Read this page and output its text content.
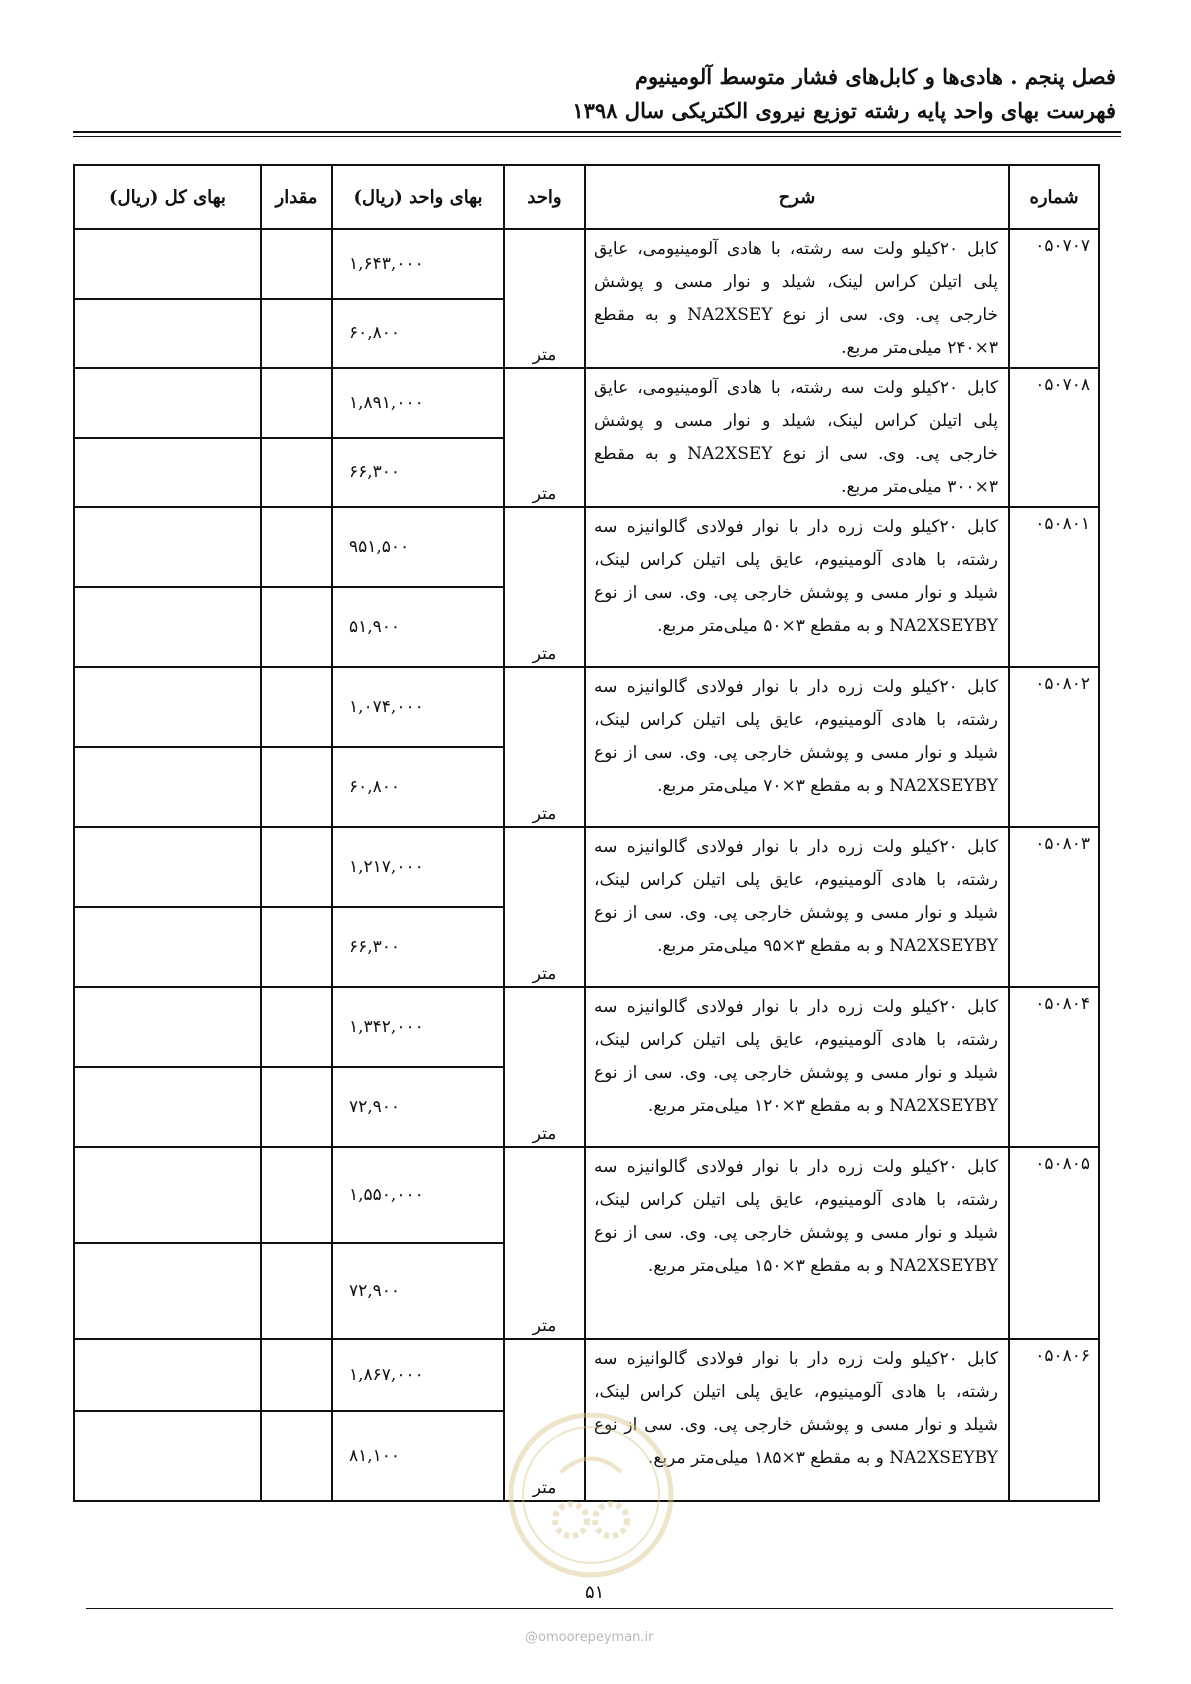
فصل پنجم . هادی‌ها و کابل‌های فشار متوسط آلومینیوم
فهرست بهای واحد پایه رشته توزیع نیروی الکتریکی سال ۱۳۹۸
شماره	شرح	واحد	بهای واحد (ریال)	مقدار	بهای کل (ریال)
۰۵۰۷۰۷	کابل ۲۰کیلو ولت سه رشته، با هادی آلومینیومی، عایق پلی اتیلن کراس لینک، شیلد و نوار مسی و پوشش خارجی پی. وی. سی از نوع NA2XSEY و به مقطع ۳×۲۴۰ میلی‌متر مربع.	متر	۱,۶۴۳,۰۰۰		
			۶۰,۸۰۰		
۰۵۰۷۰۸	کابل ۲۰کیلو ولت سه رشته، با هادی آلومینیومی، عایق پلی اتیلن کراس لینک، شیلد و نوار مسی و پوشش خارجی پی. وی. سی از نوع NA2XSEY و به مقطع ۳×۳۰۰ میلی‌متر مربع.	متر	۱,۸۹۱,۰۰۰		
			۶۶,۳۰۰		
۰۵۰۸۰۱	کابل ۲۰کیلو ولت زره دار با نوار فولادی گالوانیزه سه رشته، با هادی آلومینیوم، عایق پلی اتیلن کراس لینک، شیلد و نوار مسی و پوشش خارجی پی. وی. سی از نوع NA2XSEYBY و به مقطع ۳×۵۰ میلی‌متر مربع.	متر	۹۵۱,۵۰۰		
			۵۱,۹۰۰		
۰۵۰۸۰۲	کابل ۲۰کیلو ولت زره دار با نوار فولادی گالوانیزه سه رشته، با هادی آلومینیوم، عایق پلی اتیلن کراس لینک، شیلد و نوار مسی و پوشش خارجی پی. وی. سی از نوع NA2XSEYBY و به مقطع ۳×۷۰ میلی‌متر مربع.	متر	۱,۰۷۴,۰۰۰		
			۶۰,۸۰۰		
۰۵۰۸۰۳	کابل ۲۰کیلو ولت زره دار با نوار فولادی گالوانیزه سه رشته، با هادی آلومینیوم، عایق پلی اتیلن کراس لینک، شیلد و نوار مسی و پوشش خارجی پی. وی. سی از نوع NA2XSEYBY و به مقطع ۳×۹۵ میلی‌متر مربع.	متر	۱,۲۱۷,۰۰۰		
			۶۶,۳۰۰		
۰۵۰۸۰۴	کابل ۲۰کیلو ولت زره دار با نوار فولادی گالوانیزه سه رشته، با هادی آلومینیوم، عایق پلی اتیلن کراس لینک، شیلد و نوار مسی و پوشش خارجی پی. وی. سی از نوع NA2XSEYBY و به مقطع ۳×۱۲۰ میلی‌متر مربع.	متر	۱,۳۴۲,۰۰۰		
			۷۲,۹۰۰		
۰۵۰۸۰۵	کابل ۲۰کیلو ولت زره دار با نوار فولادی گالوانیزه سه رشته، با هادی آلومینیوم، عایق پلی اتیلن کراس لینک، شیلد و نوار مسی و پوشش خارجی پی. وی. سی از نوع NA2XSEYBY و به مقطع ۳×۱۵۰ میلی‌متر مربع.	متر	۱,۵۵۰,۰۰۰		
			۷۲,۹۰۰		
۰۵۰۸۰۶	کابل ۲۰کیلو ولت زره دار با نوار فولادی گالوانیزه سه رشته، با هادی آلومینیوم، عایق پلی اتیلن کراس لینک، شیلد و نوار مسی و پوشش خارجی پی. وی. سی از نوع NA2XSEYBY و به مقطع ۳×۱۸۵ میلی‌متر مربع.	متر	۱,۸۶۷,۰۰۰		
			۸۱,۱۰۰		
۵۱
@omoorepeyman.ir
